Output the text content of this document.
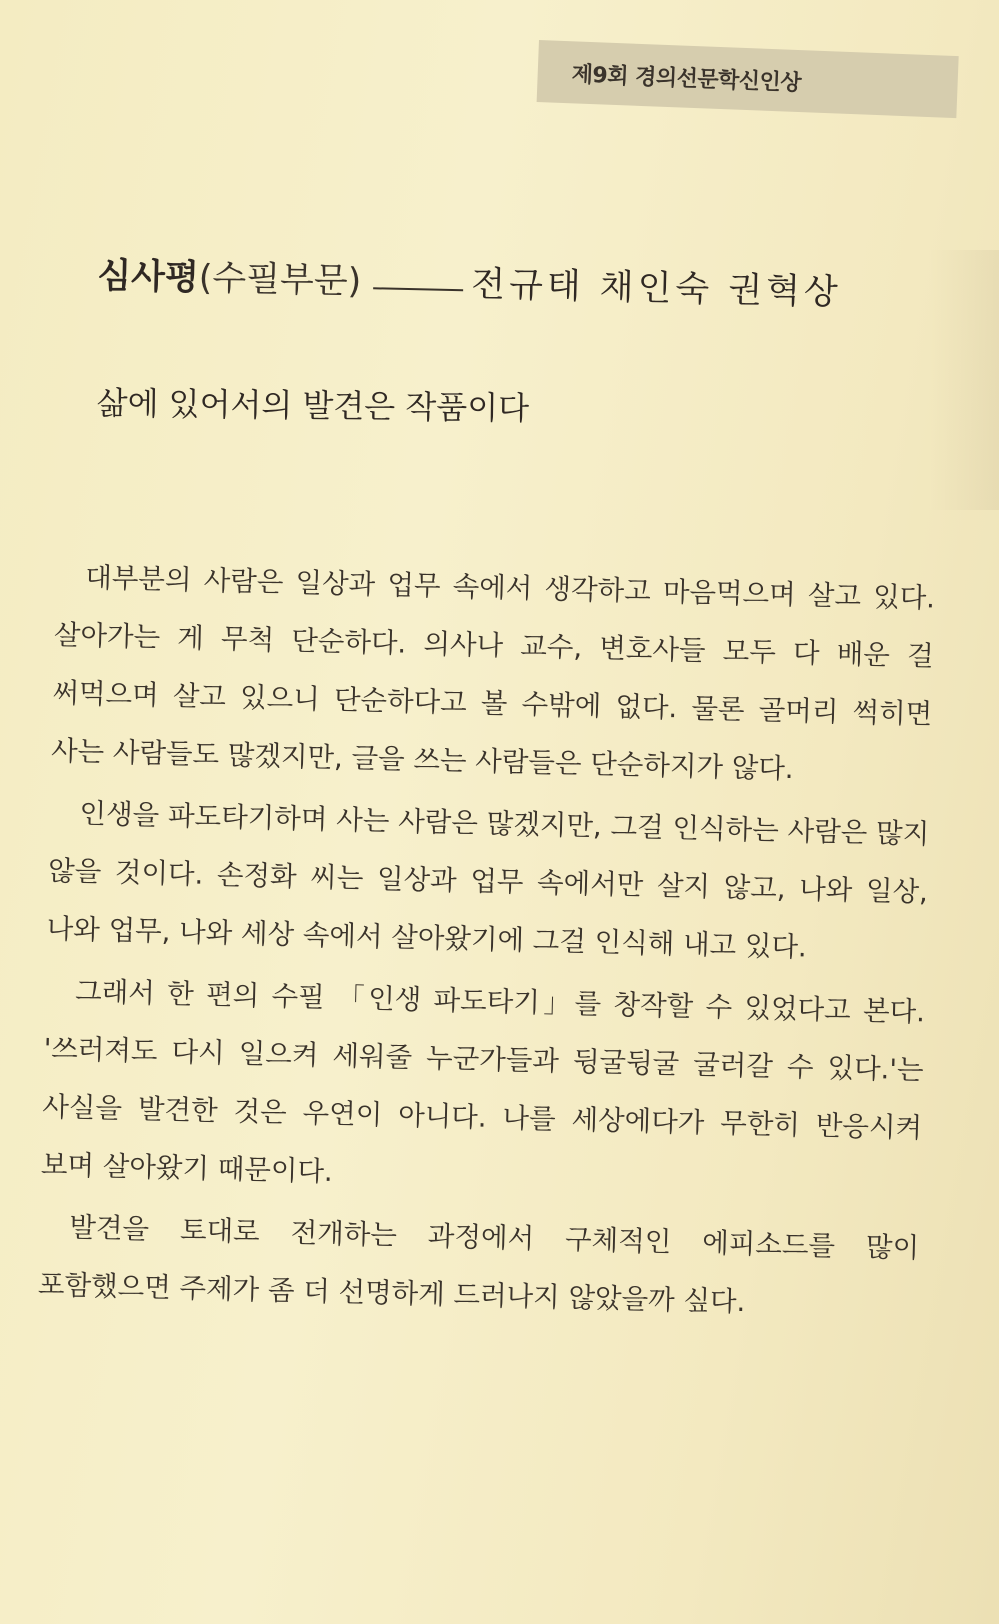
제9회 경의선문학신인상
심사평 (수필부문)	전규태 채인숙 권혁상
삶에 있어서의 발견은 작품이다

대부분의 사람은 일상과 업무 속에서 생각하고 마음먹으며 살고 있다. 살아가는 게 무척 단순하다. 의사나 교수, 변호사들 모두 다 배운 걸 써먹으며 살고 있으니 단순하다고 볼 수밖에 없다. 물론 골머리 썩히면 사는 사람들도 많겠지만, 글을 쓰는 사람들은 단순하지가 않다.

인생을 파도타기하며 사는 사람은 많겠지만, 그걸 인식하는 사람은 많지 않을 것이다. 손정화 씨는 일상과 업무 속에서만 살지 않고, 나와 일상, 나와 업무, 나와 세상 속에서 살아왔기에 그걸 인식해 내고 있다.

그래서 한 편의 수필 「인생 파도타기」를 창작할 수 있었다고 본다. '쓰러져도 다시 일으켜 세워줄 누군가들과 뒹굴뒹굴 굴러갈 수 있다.'는 사실을 발견한 것은 우연이 아니다. 나를 세상에다가 무한히 반응시켜 보며 살아왔기 때문이다.

발견을 토대로 전개하는 과정에서 구체적인 에피소드를 많이 포함했으면 주제가 좀 더 선명하게 드러나지 않았을까 싶다.
